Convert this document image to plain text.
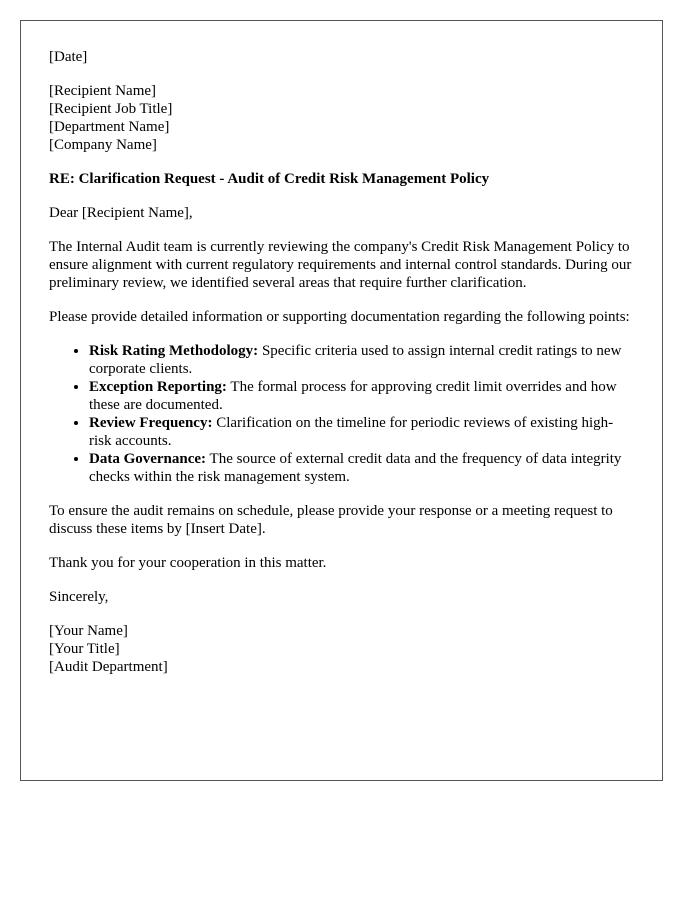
[Date]

[Recipient Name]
[Recipient Job Title]
[Department Name]
[Company Name]

RE: Clarification Request - Audit of Credit Risk Management Policy

Dear [Recipient Name],

The Internal Audit team is currently reviewing the company's Credit Risk Management Policy to ensure alignment with current regulatory requirements and internal control standards. During our preliminary review, we identified several areas that require further clarification.

Please provide detailed information or supporting documentation regarding the following points:

• Risk Rating Methodology: Specific criteria used to assign internal credit ratings to new corporate clients.
• Exception Reporting: The formal process for approving credit limit overrides and how these are documented.
• Review Frequency: Clarification on the timeline for periodic reviews of existing high-risk accounts.
• Data Governance: The source of external credit data and the frequency of data integrity checks within the risk management system.

To ensure the audit remains on schedule, please provide your response or a meeting request to discuss these items by [Insert Date].

Thank you for your cooperation in this matter.

Sincerely,

[Your Name]
[Your Title]
[Audit Department]
